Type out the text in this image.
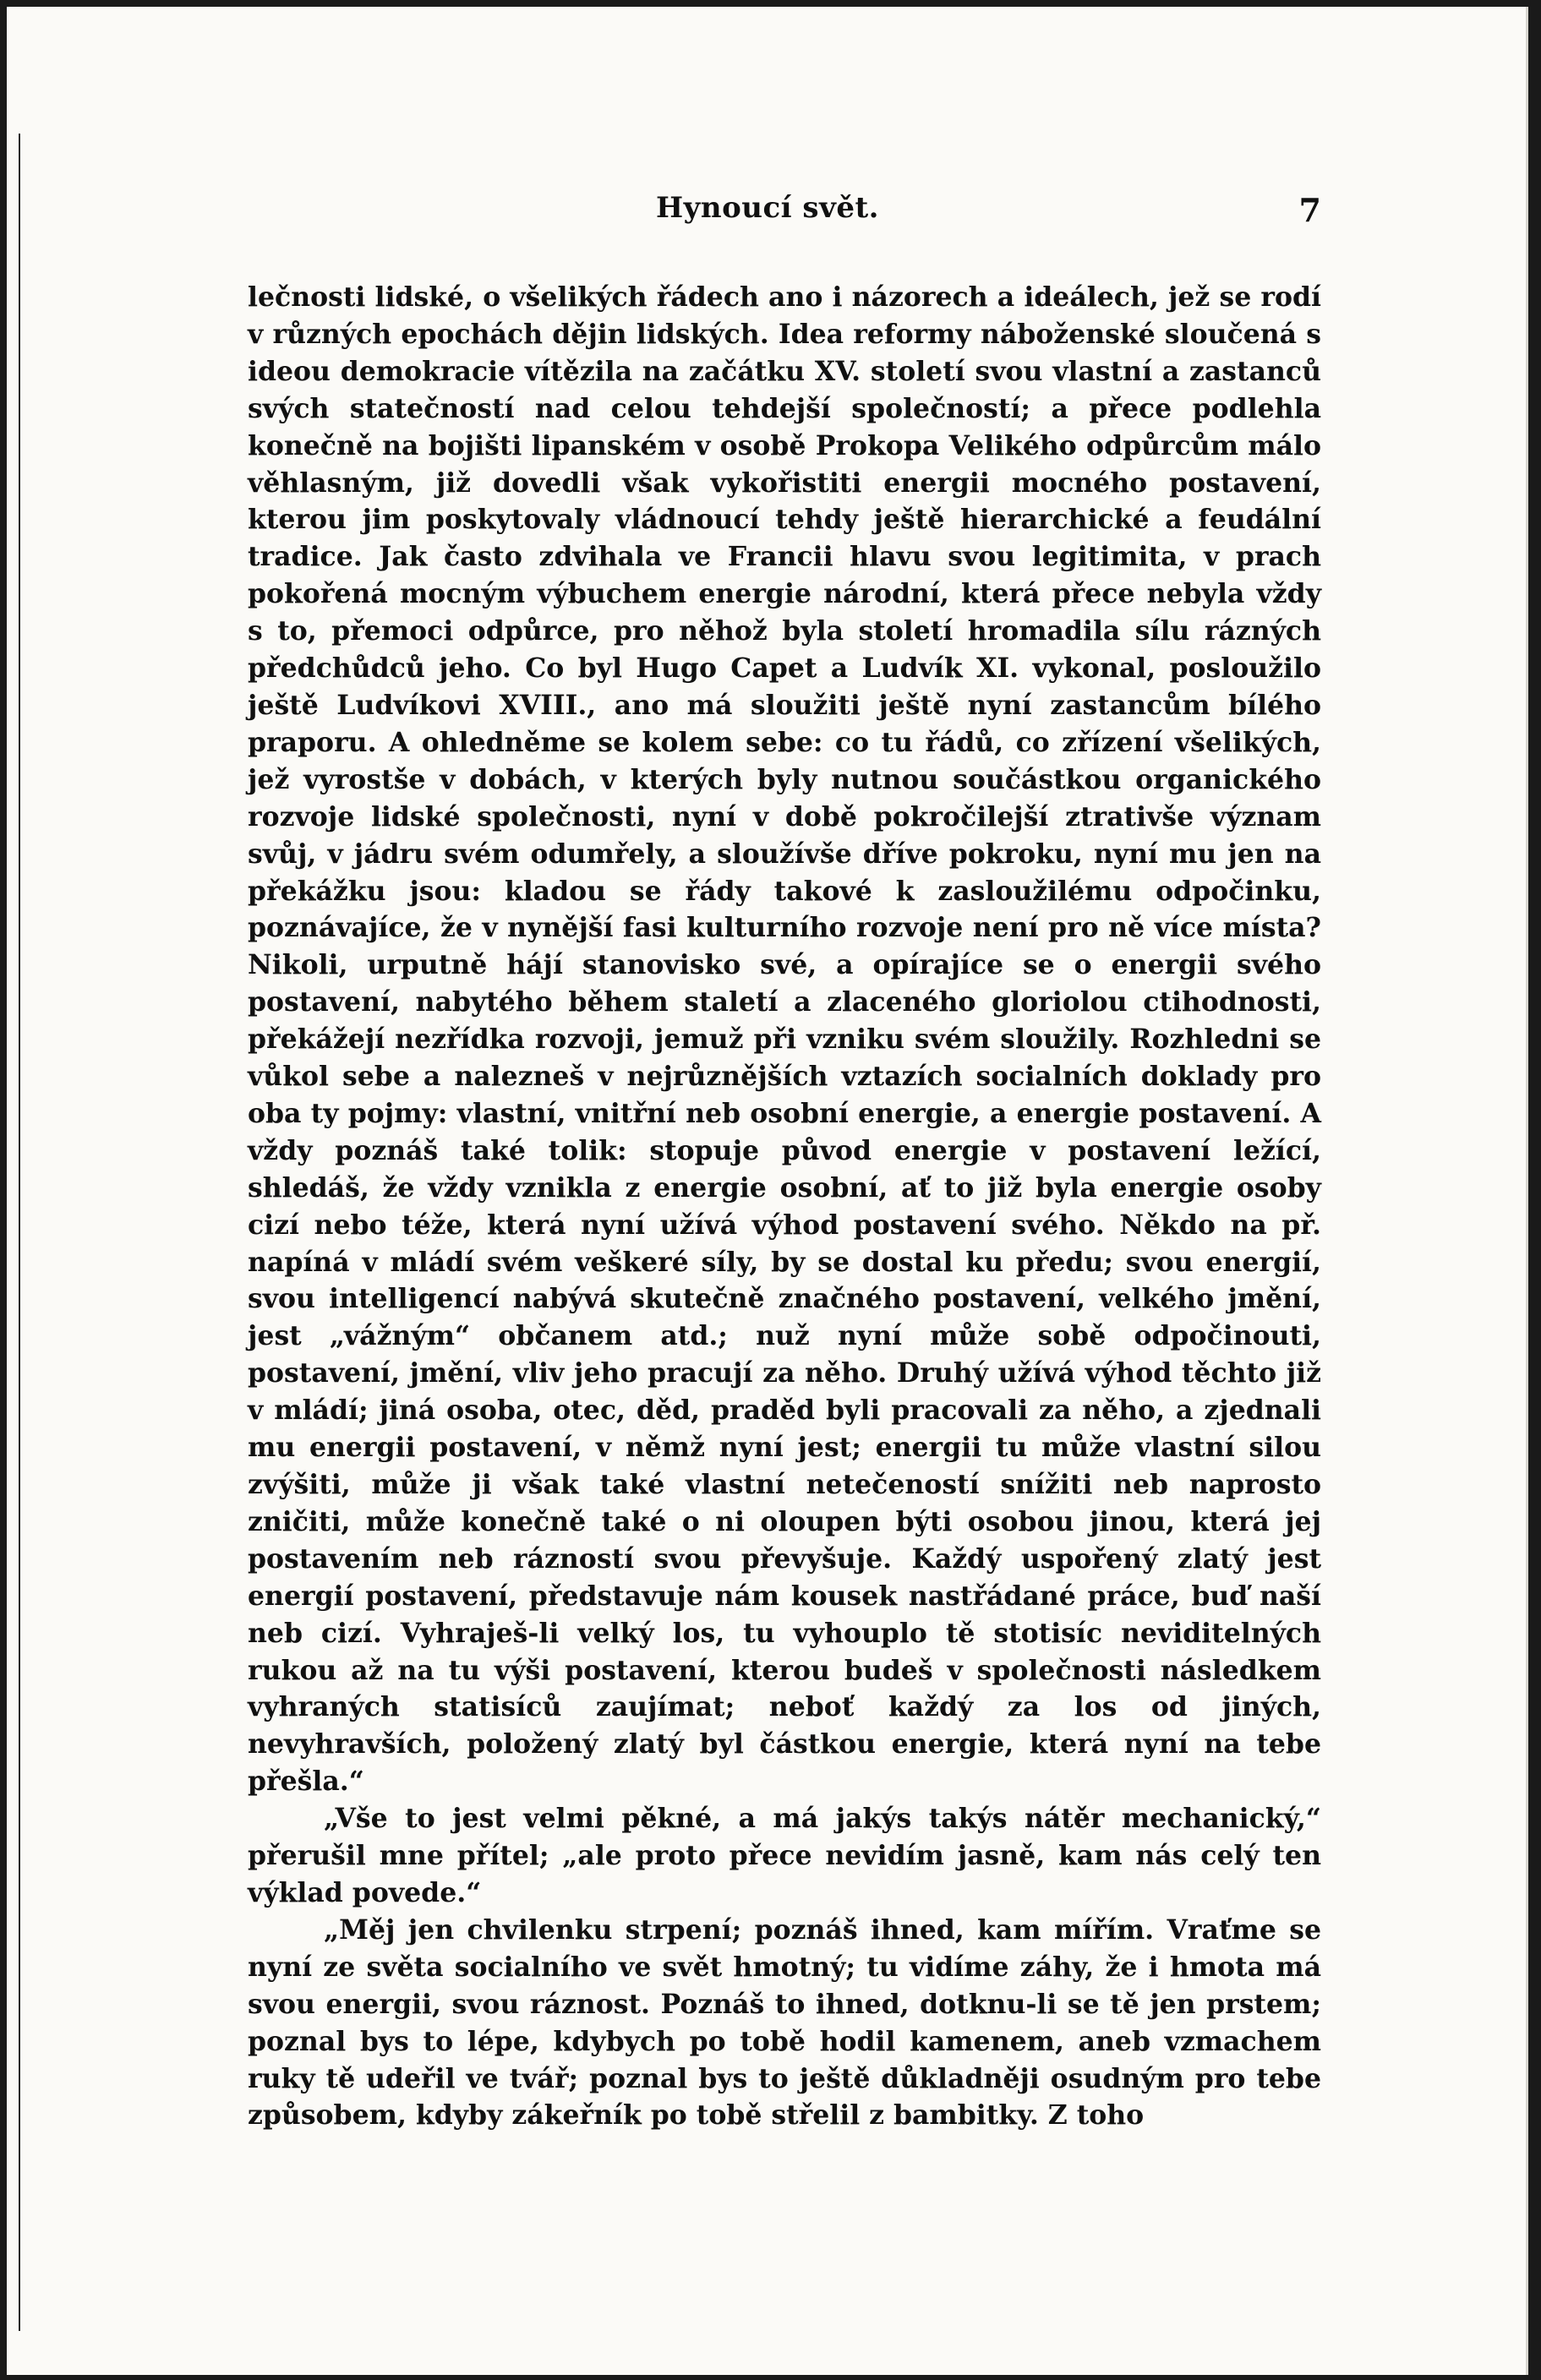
Hynoucí svět.	7

lečnosti lidské, o všelikých řádech ano i názorech a ideálech, jež se rodí v různých epochách dějin lidských. Idea reformy náboženské sloučená s ideou demokracie vítězila na začátku XV. století svou vlastní a zastanců svých statečností nad celou tehdejší společností; a přece podlehla konečně na bojišti lipanském v osobě Prokopa Velikého odpůrcům málo věhlasným, již dovedli však vykořistiti energii mocného postavení, kterou jim poskytovaly vládnoucí tehdy ještě hierarchické a feudální tradice. Jak často zdvihala ve Francii hlavu svou legitimita, v prach pokořená mocným výbuchem energie národní, která přece nebyla vždy s to, přemoci odpůrce, pro něhož byla století hromadila sílu rázných předchůdců jeho. Co byl Hugo Capet a Ludvík XI. vykonal, posloužilo ještě Ludvíkovi XVIII., ano má sloužiti ještě nyní zastancům bílého praporu. A ohledněme se kolem sebe: co tu řádů, co zřízení všelikých, jež vyrostše v dobách, v kterých byly nutnou součástkou organického rozvoje lidské společnosti, nyní v době pokročilejší ztrativše význam svůj, v jádru svém odumřely, a sloužívše dříve pokroku, nyní mu jen na překážku jsou: kladou se řády takové k zasloužilému odpočinku, poznávajíce, že v nynější fasi kulturního rozvoje není pro ně více místa? Nikoli, urputně hájí stanovisko své, a opírajíce se o energii svého postavení, nabytého během staletí a zlaceného gloriolou ctihodnosti, překážejí nezřídka rozvoji, jemuž při vzniku svém sloužily. Rozhledni se vůkol sebe a nalezneš v nejrůznějších vztazích socialních doklady pro oba ty pojmy: vlastní, vnitřní neb osobní energie, a energie postavení. A vždy poznáš také tolik: stopuje původ energie v postavení ležící, shledáš, že vždy vznikla z energie osobní, ať to již byla energie osoby cizí nebo téže, která nyní užívá výhod postavení svého. Někdo na př. napíná v mládí svém veškeré síly, by se dostal ku předu; svou energií, svou intelligencí nabývá skutečně značného postavení, velkého jmění, jest „vážným“ občanem atd.; nuž nyní může sobě odpočinouti, postavení, jmění, vliv jeho pracují za něho. Druhý užívá výhod těchto již v mládí; jiná osoba, otec, děd, praděd byli pracovali za něho, a zjednali mu energii postavení, v němž nyní jest; energii tu může vlastní silou zvýšiti, může ji však také vlastní netečeností snížiti neb naprosto zničiti, může konečně také o ni oloupen býti osobou jinou, která jej postavením neb rázností svou převyšuje. Každý uspořený zlatý jest energií postavení, představuje nám kousek nastřádané práce, buď naší neb cizí. Vyhraješ-li velký los, tu vyhouplo tě stotisíc neviditelných rukou až na tu výši postavení, kterou budeš v společnosti následkem vyhraných statisíců zaujímat; neboť každý za los od jiných, nevyhravších, položený zlatý byl částkou energie, která nyní na tebe přešla.“

„Vše to jest velmi pěkné, a má jakýs takýs nátěr mechanický,“ přerušil mne přítel; „ale proto přece nevidím jasně, kam nás celý ten výklad povede.“

„Měj jen chvilenku strpení; poznáš ihned, kam mířím. Vraťme se nyní ze světa socialního ve svět hmotný; tu vidíme záhy, že i hmota má svou energii, svou ráznost. Poznáš to ihned, dotknu-li se tě jen prstem; poznal bys to lépe, kdybych po tobě hodil kamenem, aneb vzmachem ruky tě udeřil ve tvář; poznal bys to ještě důkladněji osudným pro tebe způsobem, kdyby zákeřník po tobě střelil z bambitky. Z toho
